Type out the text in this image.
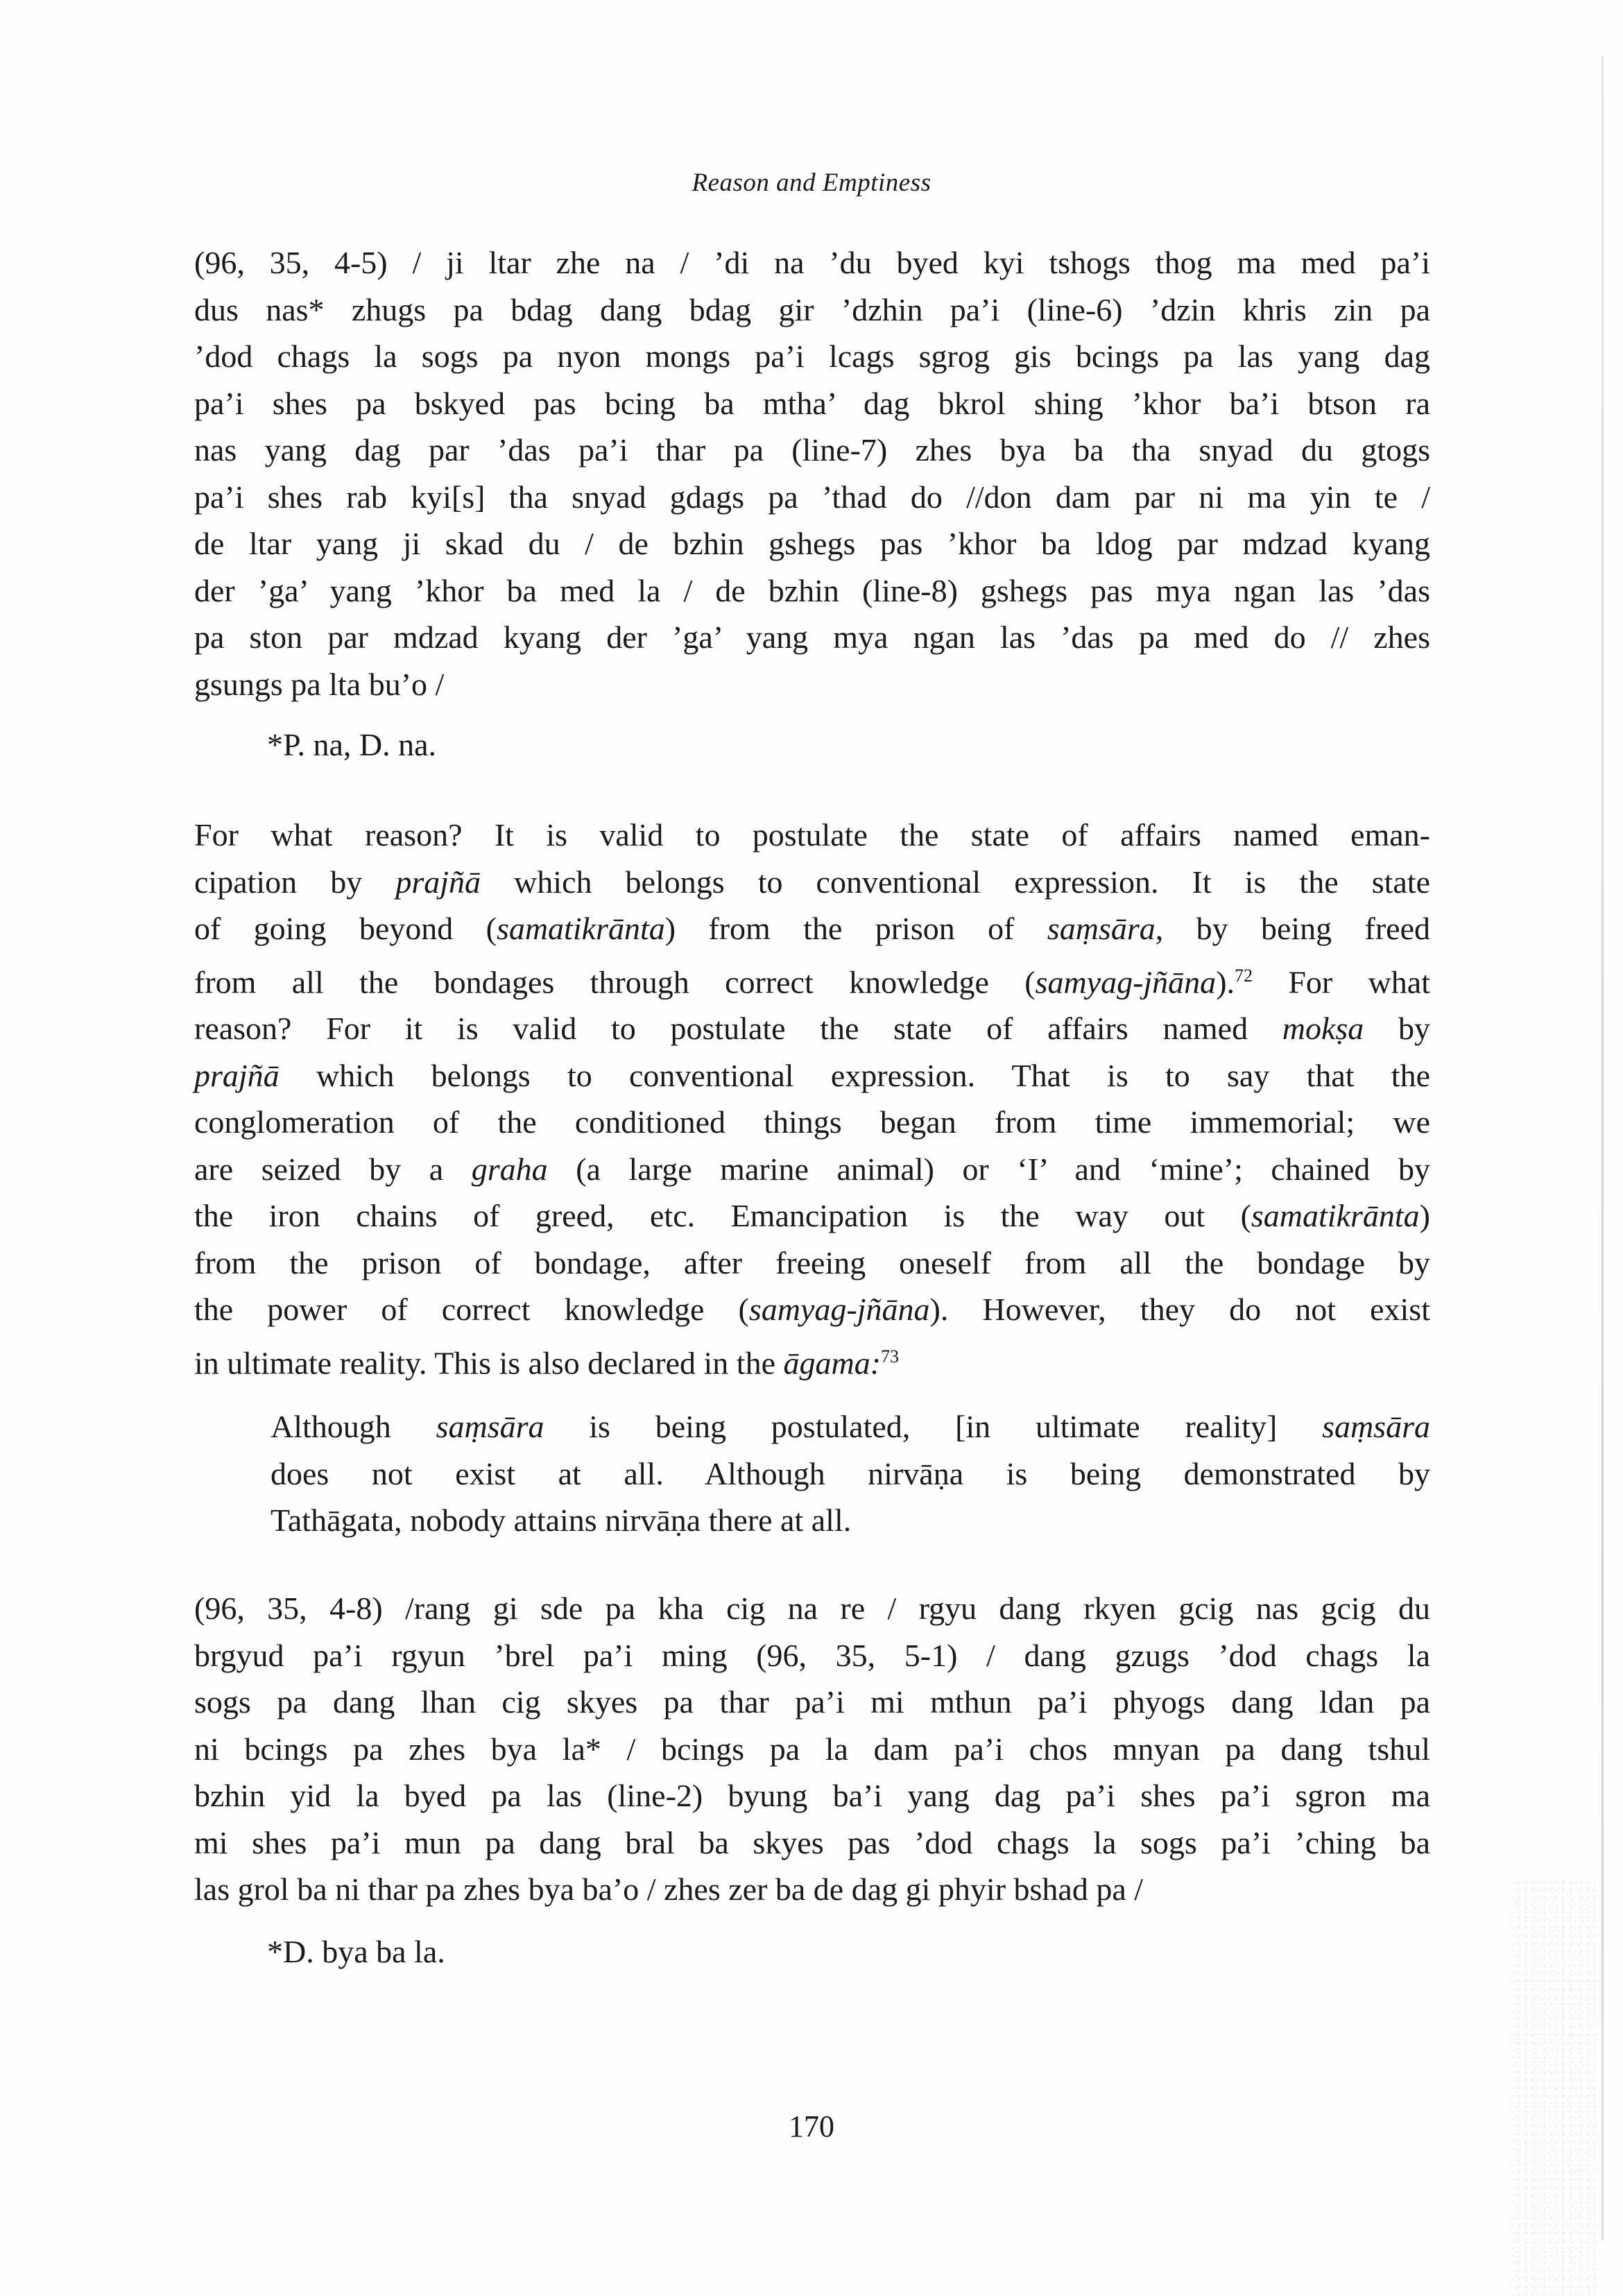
Reason and Emptiness
(96, 35, 4-5) / ji ltar zhe na / ’di na ’du byed kyi tshogs thog ma med pa’i
dus nas* zhugs pa bdag dang bdag gir ’dzhin pa’i (line-6) ’dzin khris zin pa
’dod chags la sogs pa nyon mongs pa’i lcags sgrog gis bcings pa las yang dag
pa’i shes pa bskyed pas bcing ba mtha’ dag bkrol shing ’khor ba’i btson ra
nas yang dag par ’das pa’i thar pa (line-7) zhes bya ba tha snyad du gtogs
pa’i shes rab kyi[s] tha snyad gdags pa ’thad do //don dam par ni ma yin te /
de ltar yang ji skad du / de bzhin gshegs pas ’khor ba ldog par mdzad kyang
der ’ga’ yang ’khor ba med la / de bzhin (line-8) gshegs pas mya ngan las ’das
pa ston par mdzad kyang der ’ga’ yang mya ngan las ’das pa med do // zhes
gsungs pa lta bu’o /
*P. na, D. na.
For what reason? It is valid to postulate the state of affairs named eman-
cipation by prajñā which belongs to conventional expression. It is the state
of going beyond (samatikrānta) from the prison of saṃsāra, by being freed
from all the bondages through correct knowledge (samyag-jñāna).$^{72}$ For what
reason? For it is valid to postulate the state of affairs named mokṣa by
prajñā which belongs to conventional expression. That is to say that the
conglomeration of the conditioned things began from time immemorial; we
are seized by a graha (a large marine animal) or ‘I’ and ‘mine’; chained by
the iron chains of greed, etc. Emancipation is the way out (samatikrānta)
from the prison of bondage, after freeing oneself from all the bondage by
the power of correct knowledge (samyag-jñāna). However, they do not exist
in ultimate reality. This is also declared in the āgama:$^{73}$
Although saṃsāra is being postulated, [in ultimate reality] saṃsāra
does not exist at all. Although nirvāṇa is being demonstrated by
Tathāgata, nobody attains nirvāṇa there at all.
(96, 35, 4-8) /rang gi sde pa kha cig na re / rgyu dang rkyen gcig nas gcig du
brgyud pa’i rgyun ’brel pa’i ming (96, 35, 5-1) / dang gzugs ’dod chags la
sogs pa dang lhan cig skyes pa thar pa’i mi mthun pa’i phyogs dang ldan pa
ni bcings pa zhes bya la* / bcings pa la dam pa’i chos mnyan pa dang tshul
bzhin yid la byed pa las (line-2) byung ba’i yang dag pa’i shes pa’i sgron ma
mi shes pa’i mun pa dang bral ba skyes pas ’dod chags la sogs pa’i ’ching ba
las grol ba ni thar pa zhes bya ba’o / zhes zer ba de dag gi phyir bshad pa /
*D. bya ba la.
170
